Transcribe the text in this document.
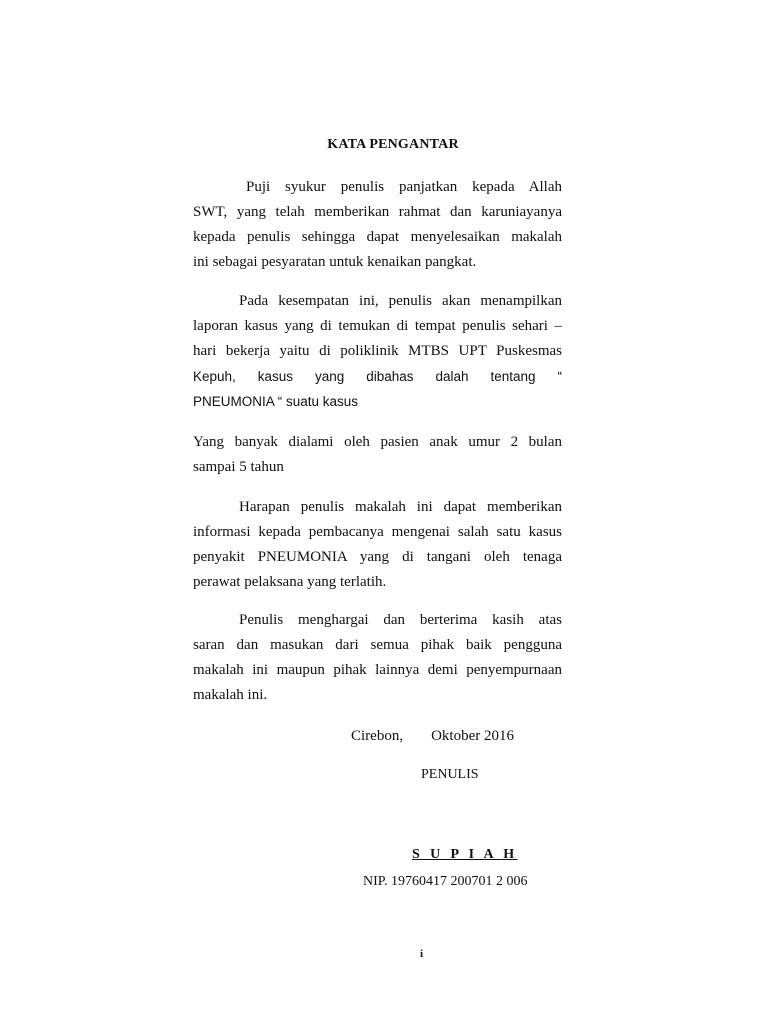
KATA PENGANTAR
Puji syukur penulis panjatkan kepada Allah
SWT, yang telah memberikan rahmat dan karuniayanya
kepada penulis sehingga dapat menyelesaikan makalah
ini sebagai pesyaratan untuk kenaikan pangkat.
Pada kesempatan ini, penulis akan menampilkan
laporan kasus yang di temukan di tempat penulis sehari –
hari bekerja yaitu di poliklinik MTBS UPT Puskesmas
Kepuh, kasus yang dibahas dalah tentang “
PNEUMONIA “ suatu kasus
Yang banyak dialami oleh pasien anak umur 2 bulan
sampai 5 tahun
Harapan penulis makalah ini dapat memberikan
informasi kepada pembacanya mengenai salah satu kasus
penyakit PNEUMONIA yang di tangani oleh tenaga
perawat pelaksana yang terlatih.
Penulis menghargai dan berterima kasih atas
saran dan masukan dari semua pihak baik pengguna
makalah ini maupun pihak lainnya demi penyempurnaan
makalah ini.
Cirebon, Oktober 2016
PENULIS
S U P I A H
NIP. 19760417 200701 2 006
i
